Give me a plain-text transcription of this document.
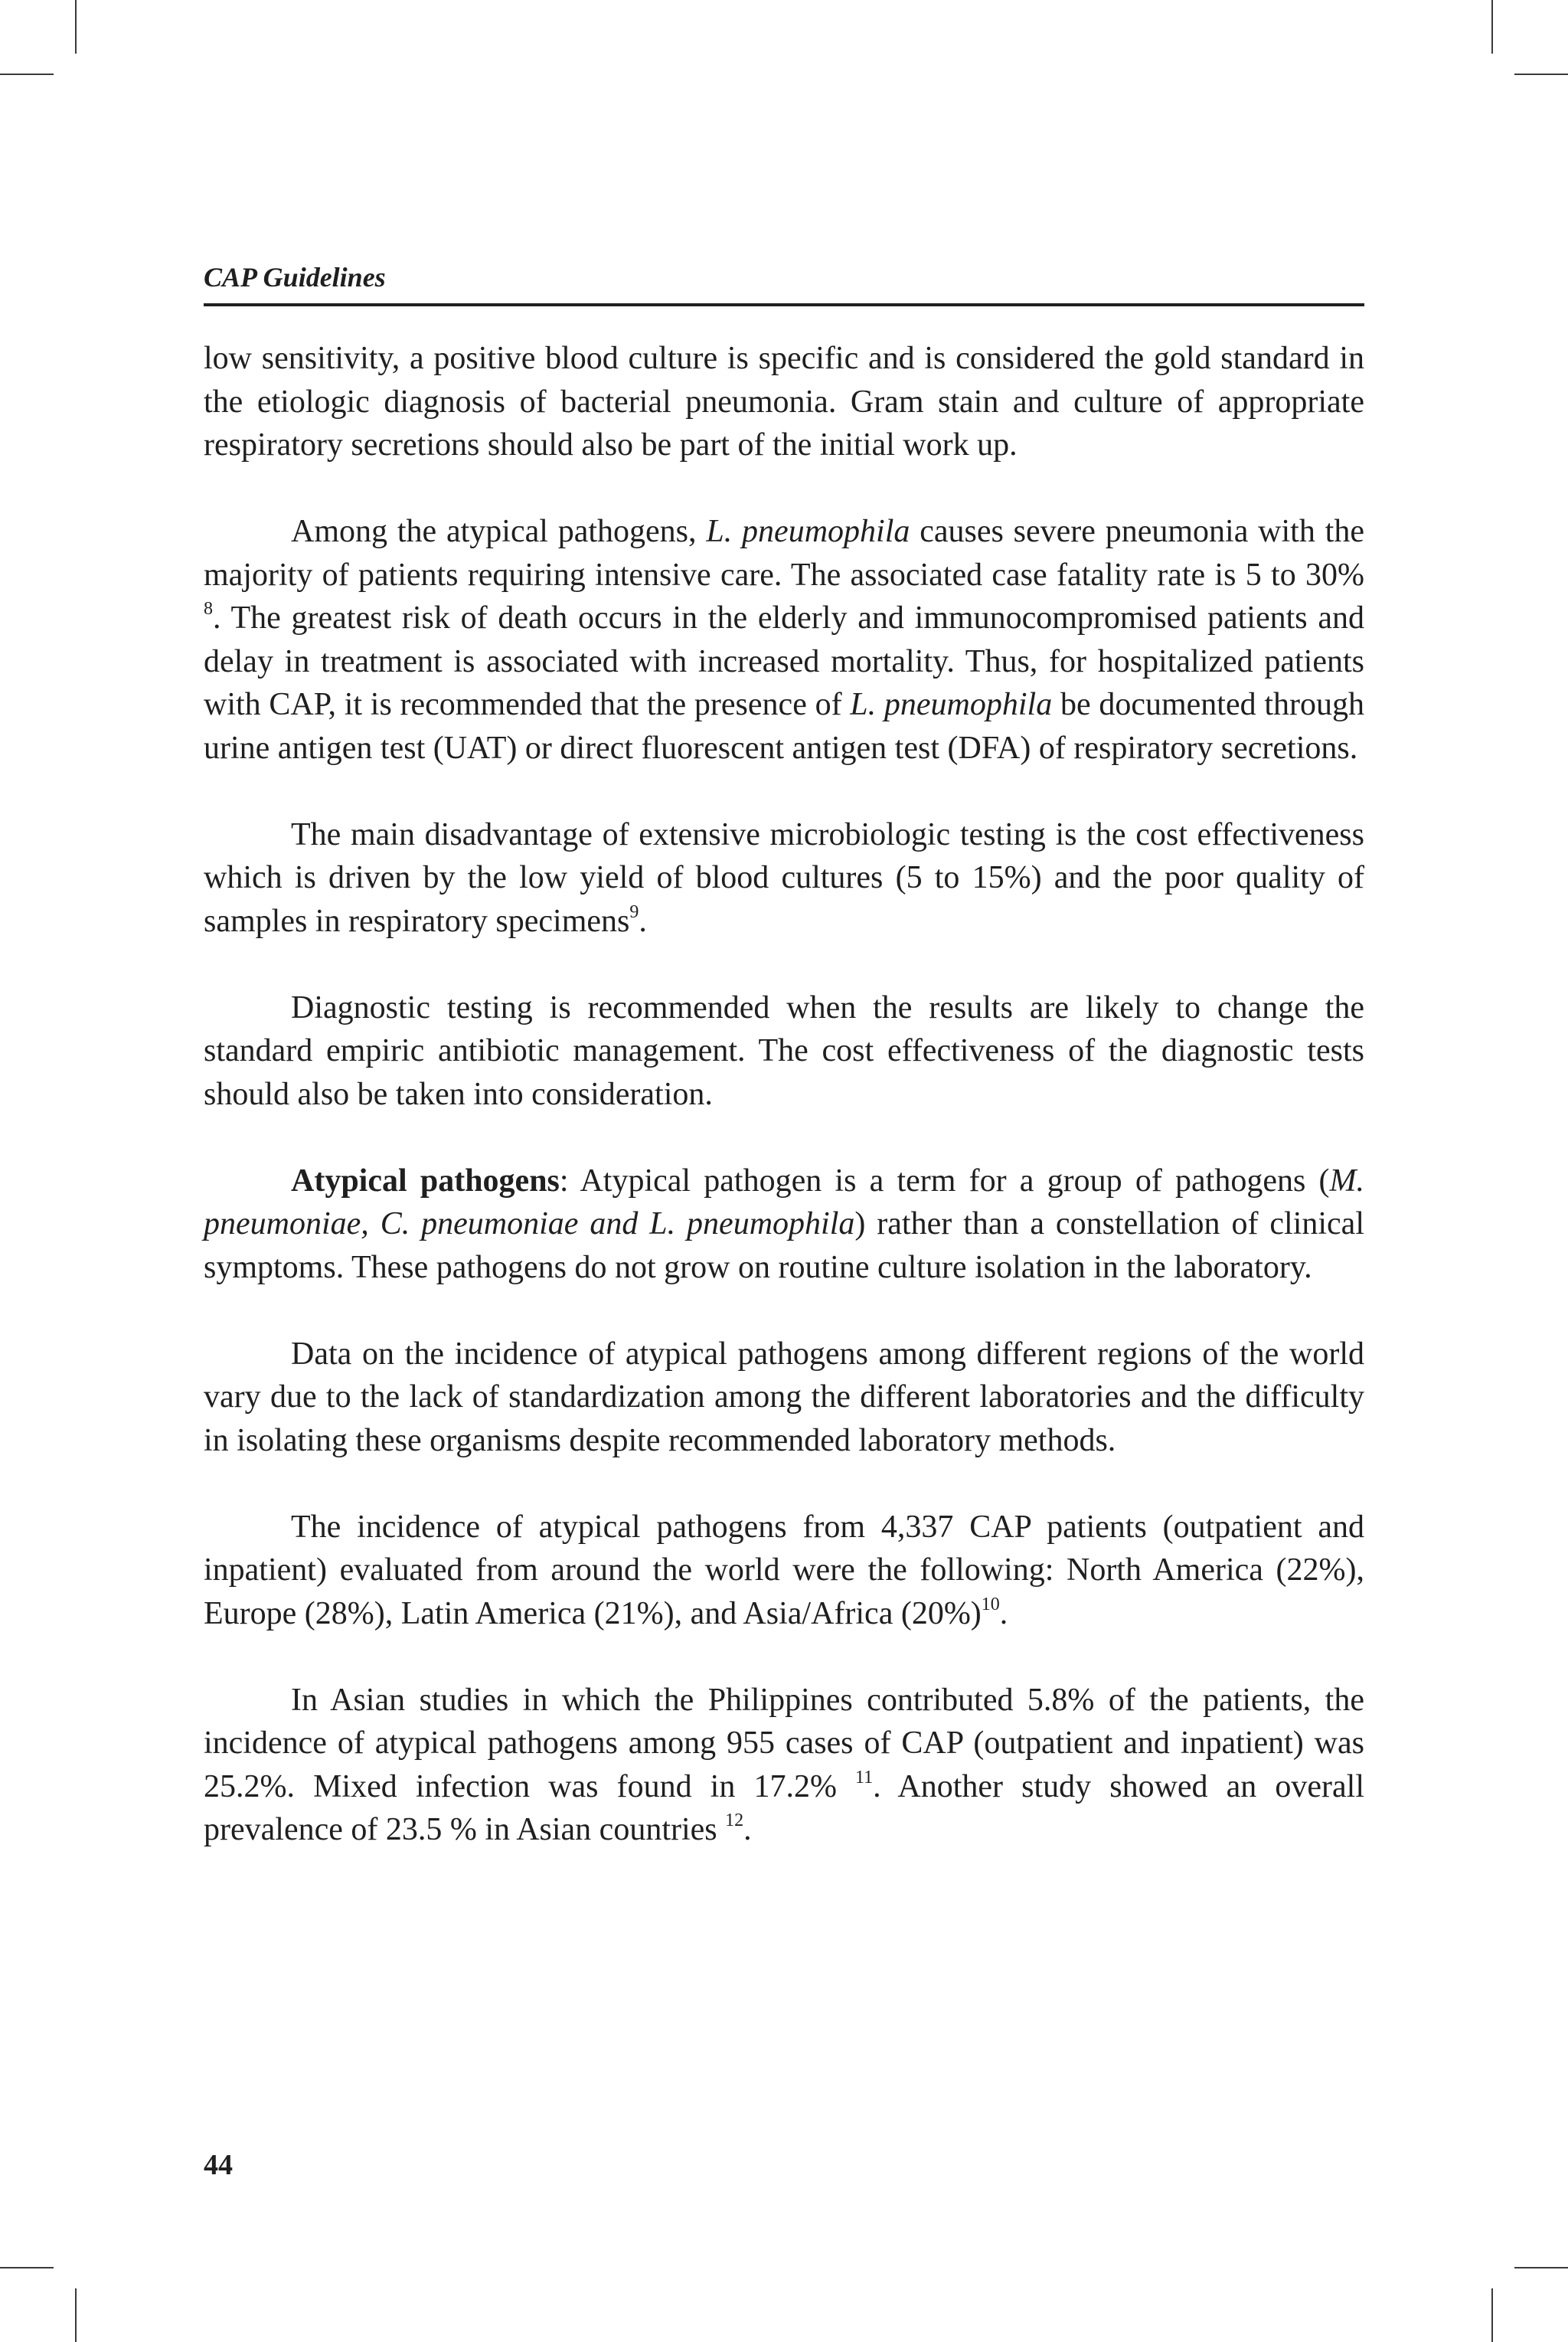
CAP Guidelines

low sensitivity, a positive blood culture is specific and is considered the gold standard in the etiologic diagnosis of bacterial pneumonia. Gram stain and culture of appropriate respiratory secretions should also be part of the initial work up.

Among the atypical pathogens, L. pneumophila causes severe pneumonia with the majority of patients requiring intensive care. The associated case fatality rate is 5 to 30% $^8$. The greatest risk of death occurs in the elderly and immunocompromised patients and delay in treatment is associated with increased mortality. Thus, for hospitalized patients with CAP, it is recommended that the presence of L. pneumophila be documented through urine antigen test (UAT) or direct fluorescent antigen test (DFA) of respiratory secretions.

The main disadvantage of extensive microbiologic testing is the cost effectiveness which is driven by the low yield of blood cultures (5 to 15%) and the poor quality of samples in respiratory specimens$^9$.

Diagnostic testing is recommended when the results are likely to change the standard empiric antibiotic management. The cost effectiveness of the diagnostic tests should also be taken into consideration.

Atypical pathogens: Atypical pathogen is a term for a group of pathogens (M. pneumoniae, C. pneumoniae and L. pneumophila) rather than a constellation of clinical symptoms. These pathogens do not grow on routine culture isolation in the laboratory.

Data on the incidence of atypical pathogens among different regions of the world vary due to the lack of standardization among the different laboratories and the difficulty in isolating these organisms despite recommended laboratory methods.

The incidence of atypical pathogens from 4,337 CAP patients (outpatient and inpatient) evaluated from around the world were the following: North America (22%), Europe (28%), Latin America (21%), and Asia/Africa $(20\%)^{10}$.

In Asian studies in which the Philippines contributed 5.8% of the patients, the incidence of atypical pathogens among 955 cases of CAP (outpatient and inpatient) was 25.2%. Mixed infection was found in 17.2% $^{11}$. Another study showed an overall prevalence of 23.5 % in Asian countries $^{12}$.

44
